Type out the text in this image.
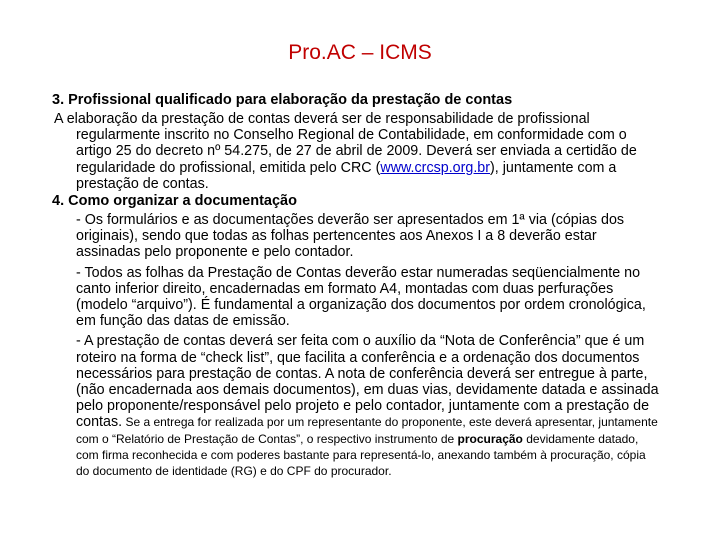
Pro.AC – ICMS
3. Profissional qualificado para elaboração da prestação de contas
A elaboração da prestação de contas deverá ser de responsabilidade de profissional regularmente inscrito no Conselho Regional de Contabilidade, em conformidade com o artigo 25 do decreto nº 54.275, de 27 de abril de 2009. Deverá ser enviada a certidão de regularidade do profissional, emitida pelo CRC (www.crcsp.org.br), juntamente com a prestação de contas.
4. Como organizar a documentação
- Os formulários e as documentações deverão ser apresentados em 1ª via (cópias dos originais), sendo que todas as folhas pertencentes aos Anexos I a 8 deverão estar assinadas pelo proponente e pelo contador.
- Todos as folhas da Prestação de Contas deverão estar numeradas seqüencialmente no canto inferior direito, encadernadas em formato A4, montadas com duas perfurações (modelo “arquivo”). É fundamental a organização dos documentos por ordem cronológica, em função das datas de emissão.
- A prestação de contas deverá ser feita com o auxílio da “Nota de Conferência” que é um roteiro na forma de “check list”, que facilita a conferência e a ordenação dos documentos necessários para prestação de contas. A nota de conferência deverá ser entregue à parte, (não encadernada aos demais documentos), em duas vias, devidamente datada e assinada pelo proponente/responsável pelo projeto e pelo contador, juntamente com a prestação de contas. Se a entrega for realizada por um representante do proponente, este deverá apresentar, juntamente com o “Relatório de Prestação de Contas”, o respectivo instrumento de procuração devidamente datado, com firma reconhecida e com poderes bastante para representá-lo, anexando também à procuração, cópia do documento de identidade (RG) e do CPF do procurador.
